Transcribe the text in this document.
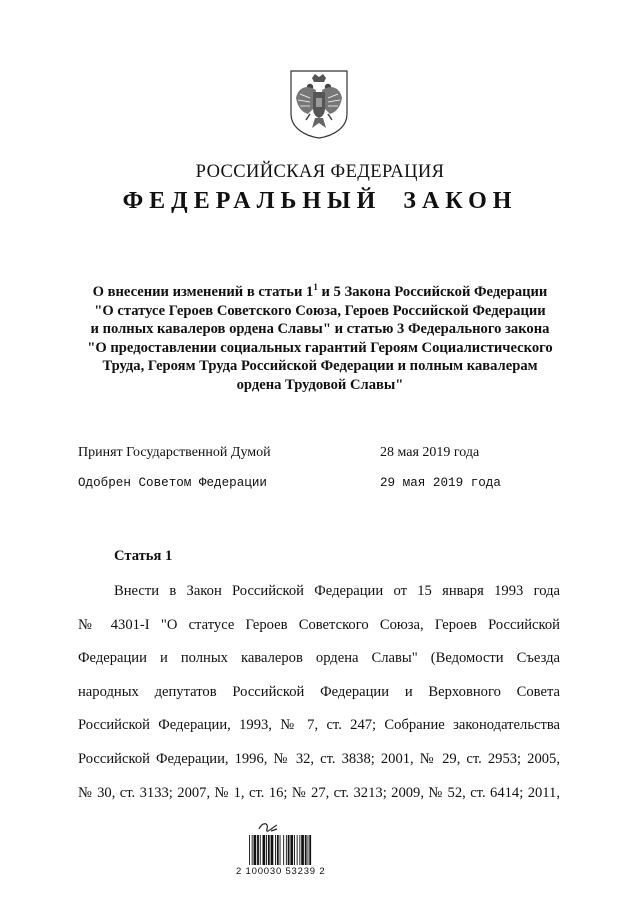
РОССИЙСКАЯ ФЕДЕРАЦИЯ
ФЕДЕРАЛЬНЫЙ ЗАКОН
О внесении изменений в статьи $1^1$ и 5 Закона Российской Федерации
"О статусе Героев Советского Союза, Героев Российской Федерации
и полных кавалеров ордена Славы" и статью 3 Федерального закона
"О предоставлении социальных гарантий Героям Социалистического
Труда, Героям Труда Российской Федерации и полным кавалерам
ордена Трудовой Славы"
Принят Государственной Думой	28 мая 2019 года
Одобрен Советом Федерации	29 мая 2019 года
Статья 1
Внести в Закон Российской Федерации от 15 января 1993 года
№ 4301-I "О статусе Героев Советского Союза, Героев Российской
Федерации и полных кавалеров ордена Славы" (Ведомости Съезда
народных депутатов Российской Федерации и Верховного Совета
Российской Федерации, 1993, № 7, ст. 247; Собрание законодательства
Российской Федерации, 1996, № 32, ст. 3838; 2001, № 29, ст. 2953; 2005,
№ 30, ст. 3133; 2007, № 1, ст. 16; № 27, ст. 3213; 2009, № 52, ст. 6414; 2011,
2 100030 53239 2
